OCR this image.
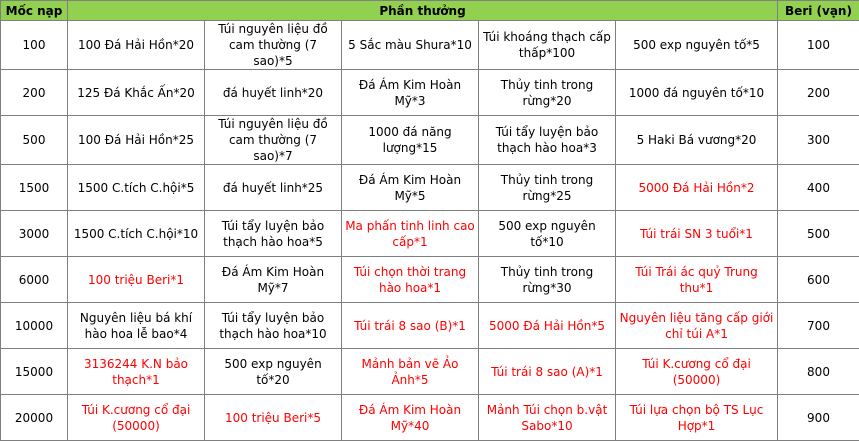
Mốc nạp	Phần thưởng					Beri (vạn)
100	100 Đá Hải Hồn*20	Túi nguyên liệu đồ cam thường (7 sao)*5	5 Sắc màu Shura*10	Túi khoáng thạch cấp thấp*100	500 exp nguyên tố*5	100
200	125 Đá Khắc Ấn*20	đá huyết linh*20	Đá Ám Kim Hoàn Mỹ*3	Thủy tinh trong rừng*20	1000 đá nguyên tố*10	200
500	100 Đá Hải Hồn*25	Túi nguyên liệu đồ cam thường (7 sao)*7	1000 đá năng lượng*15	Túi tẩy luyện bảo thạch hào hoa*3	5 Haki Bá vương*20	300
1500	1500 C.tích C.hội*5	đá huyết linh*25	Đá Ám Kim Hoàn Mỹ*5	Thủy tinh trong rừng*25	5000 Đá Hải Hồn*2	400
3000	1500 C.tích C.hội*10	Túi tẩy luyện bảo thạch hào hoa*5	Ma phấn tinh linh cao cấp*1	500 exp nguyên tố*10	Túi trái SN 3 tuổi*1	500
6000	100 triệu Beri*1	Đá Ám Kim Hoàn Mỹ*7	Túi chọn thời trang hào hoa*1	Thủy tinh trong rừng*30	Túi Trái ác quỷ Trung thu*1	600
10000	Nguyên liệu bá khí hào hoa lễ bao*4	Túi tẩy luyện bảo thạch hào hoa*10	Túi trái 8 sao (B)*1	5000 Đá Hải Hồn*5	Nguyên liệu tăng cấp giới chỉ túi A*1	700
15000	3136244 K.N bảo thạch*1	500 exp nguyên tố*20	Mảnh bản vẽ Ảo Ảnh*5	Túi trái 8 sao (A)*1	Túi K.cương cổ đại (50000)	800
20000	Túi K.cương cổ đại (50000)	100 triệu Beri*5	Đá Ám Kim Hoàn Mỹ*40	Mảnh Túi chọn b.vật Sabo*10	Túi lựa chọn bộ TS Lục Hợp*1	900
